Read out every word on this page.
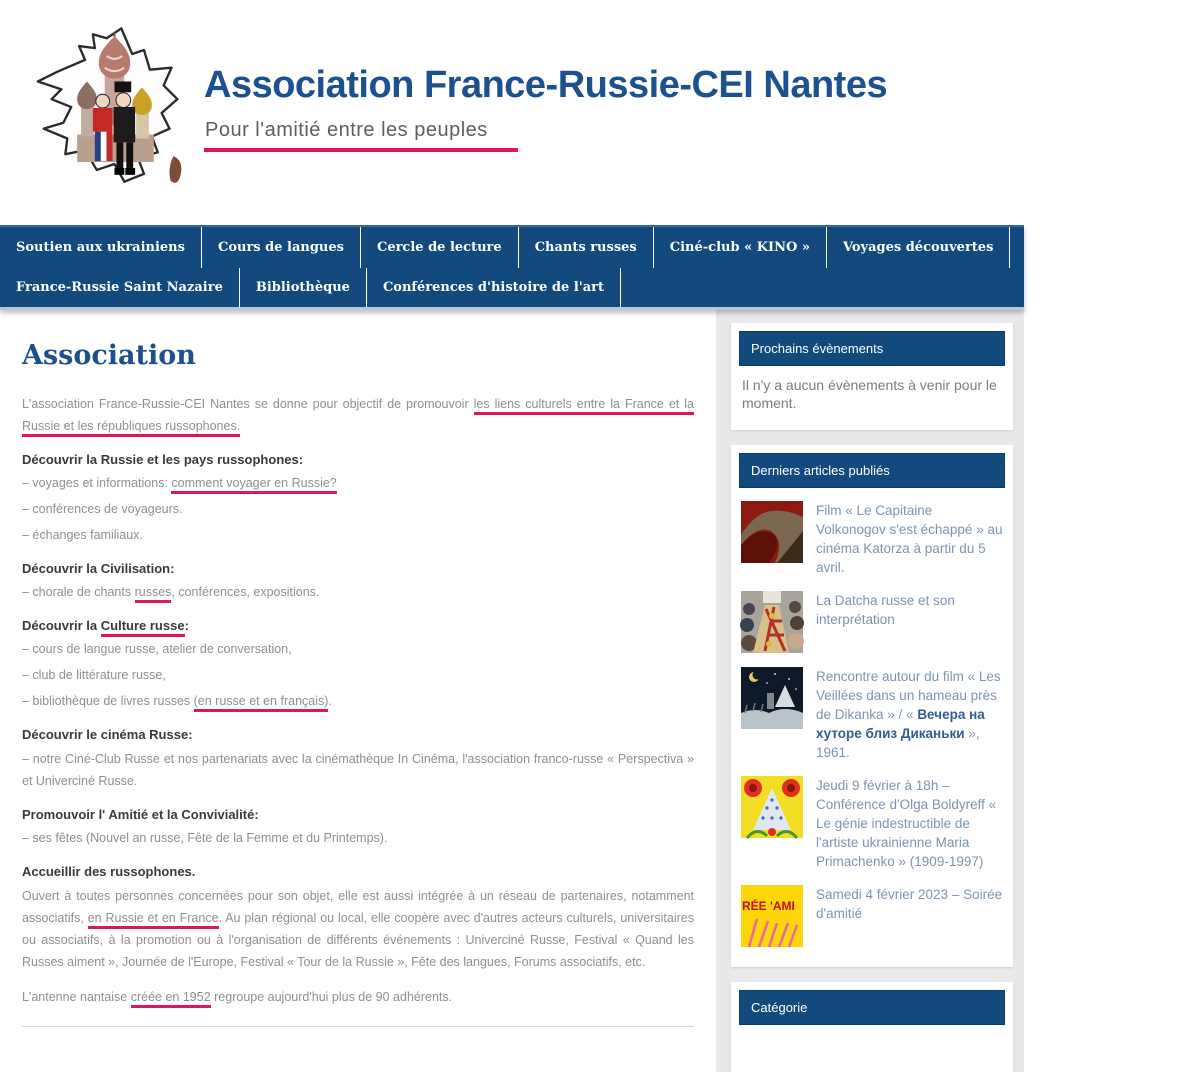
Association France-Russie-CEI Nantes

Pour l'amitié entre les peuples

Soutien aux ukrainiens	Cours de langues	Cercle de lecture	Chants russes	Ciné-club « KINO »	Voyages découvertes	Club des voyageurs
France-Russie Saint Nazaire	Bibliothèque	Conférences d'histoire de l'art
Association

L'association France-Russie-CEI Nantes se donne pour objectif de promouvoir les liens culturels entre la France et la Russie et les républiques russophones.

Découvrir la Russie et les pays russophones:

– voyages et informations: comment voyager en Russie?

– conférences de voyageurs.

– échanges familiaux.

Découvrir la Civilisation:

– chorale de chants russes, conférences, expositions.

Découvrir la Culture russe:

– cours de langue russe, atelier de conversation,

– club de littérature russe,

– bibliothèque de livres russes (en russe et en français).

Découvrir le cinéma Russe:

– notre Ciné-Club Russe et nos partenariats avec la cinémathèque In Cinéma, l'association franco-russe « Perspectiva » et Univerciné Russe.

Promouvoir l' Amitié et la Convivialité:

– ses fêtes (Nouvel an russe, Fête de la Femme et du Printemps).

Accueillir des russophones.

Ouvert à toutes personnes concernées pour son objet, elle est aussi intégrée à un réseau de partenaires, notamment associatifs, en Russie et en France. Au plan régional ou local, elle coopère avec d'autres acteurs culturels, universitaires ou associatifs, à la promotion ou à l'organisation de différents événements : Univerciné Russe, Festival « Quand les Russes aiment », Journée de l'Europe, Festival « Tour de la Russie », Fête des langues, Forums associatifs, etc.

L'antenne nantaise créée en 1952 regroupe aujourd'hui plus de 90 adhérents.

Prochains évènements

Il n'y a aucun évènements à venir pour le moment.

Derniers articles publiés

Film « Le Capitaine Volkonogov s'est échappé » au cinéma Katorza à partir du 5 avril.

La Datcha russe et son interprétation

Rencontre autour du film « Les Veillées dans un hameau près de Dikanka » / « Вечера на хуторе близ Диканьки », 1961.

Jeudi 9 février à 18h – Conférence d'Olga Boldyreff « Le génie indestructible de l'artiste ukrainienne Maria Primachenko » (1909-1997)

RÉE 'AMI

Samedi 4 février 2023 – Soirée d'amitié

Catégorie
